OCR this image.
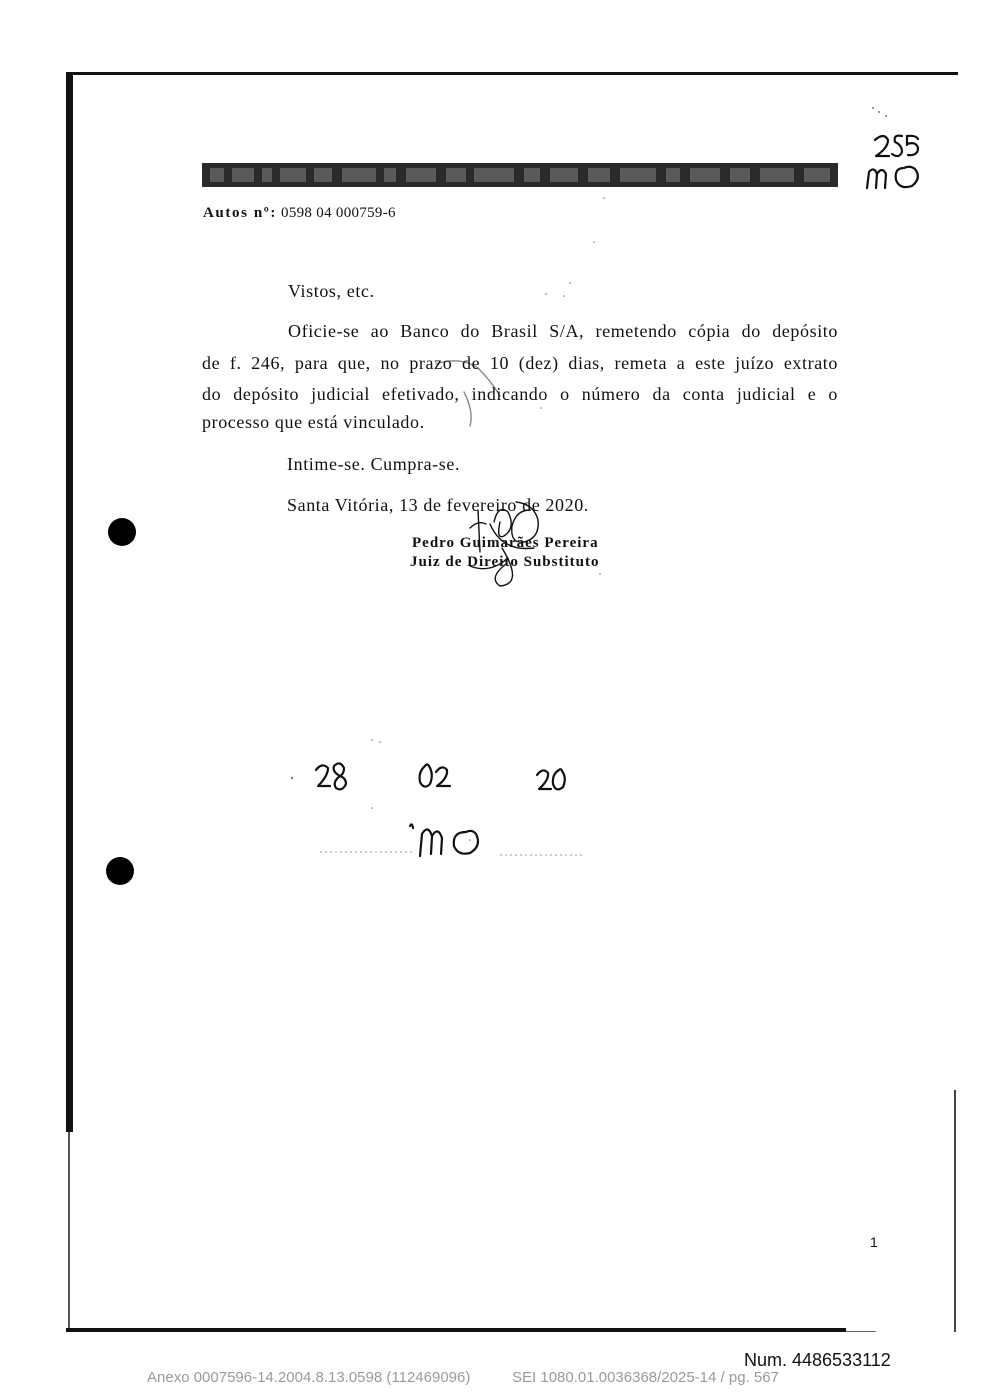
Autos nº: 0598 04 000759-6
Vistos, etc.
Oficie-se ao Banco do Brasil S/A, remetendo cópia do depósito
de f. 246, para que, no prazo de 10 (dez) dias, remeta a este juízo extrato
do depósito judicial efetivado, indicando o número da conta judicial e o
processo que está vinculado.
Intime-se. Cumpra-se.
Santa Vitória, 13 de fevereiro de 2020.
Pedro Guimarães Pereira
Juiz de Direito Substituto
1
Num. 4486533112
Anexo 0007596-14.2004.8.13.0598 (112469096)          SEI 1080.01.0036368/2025-14 / pg. 567
